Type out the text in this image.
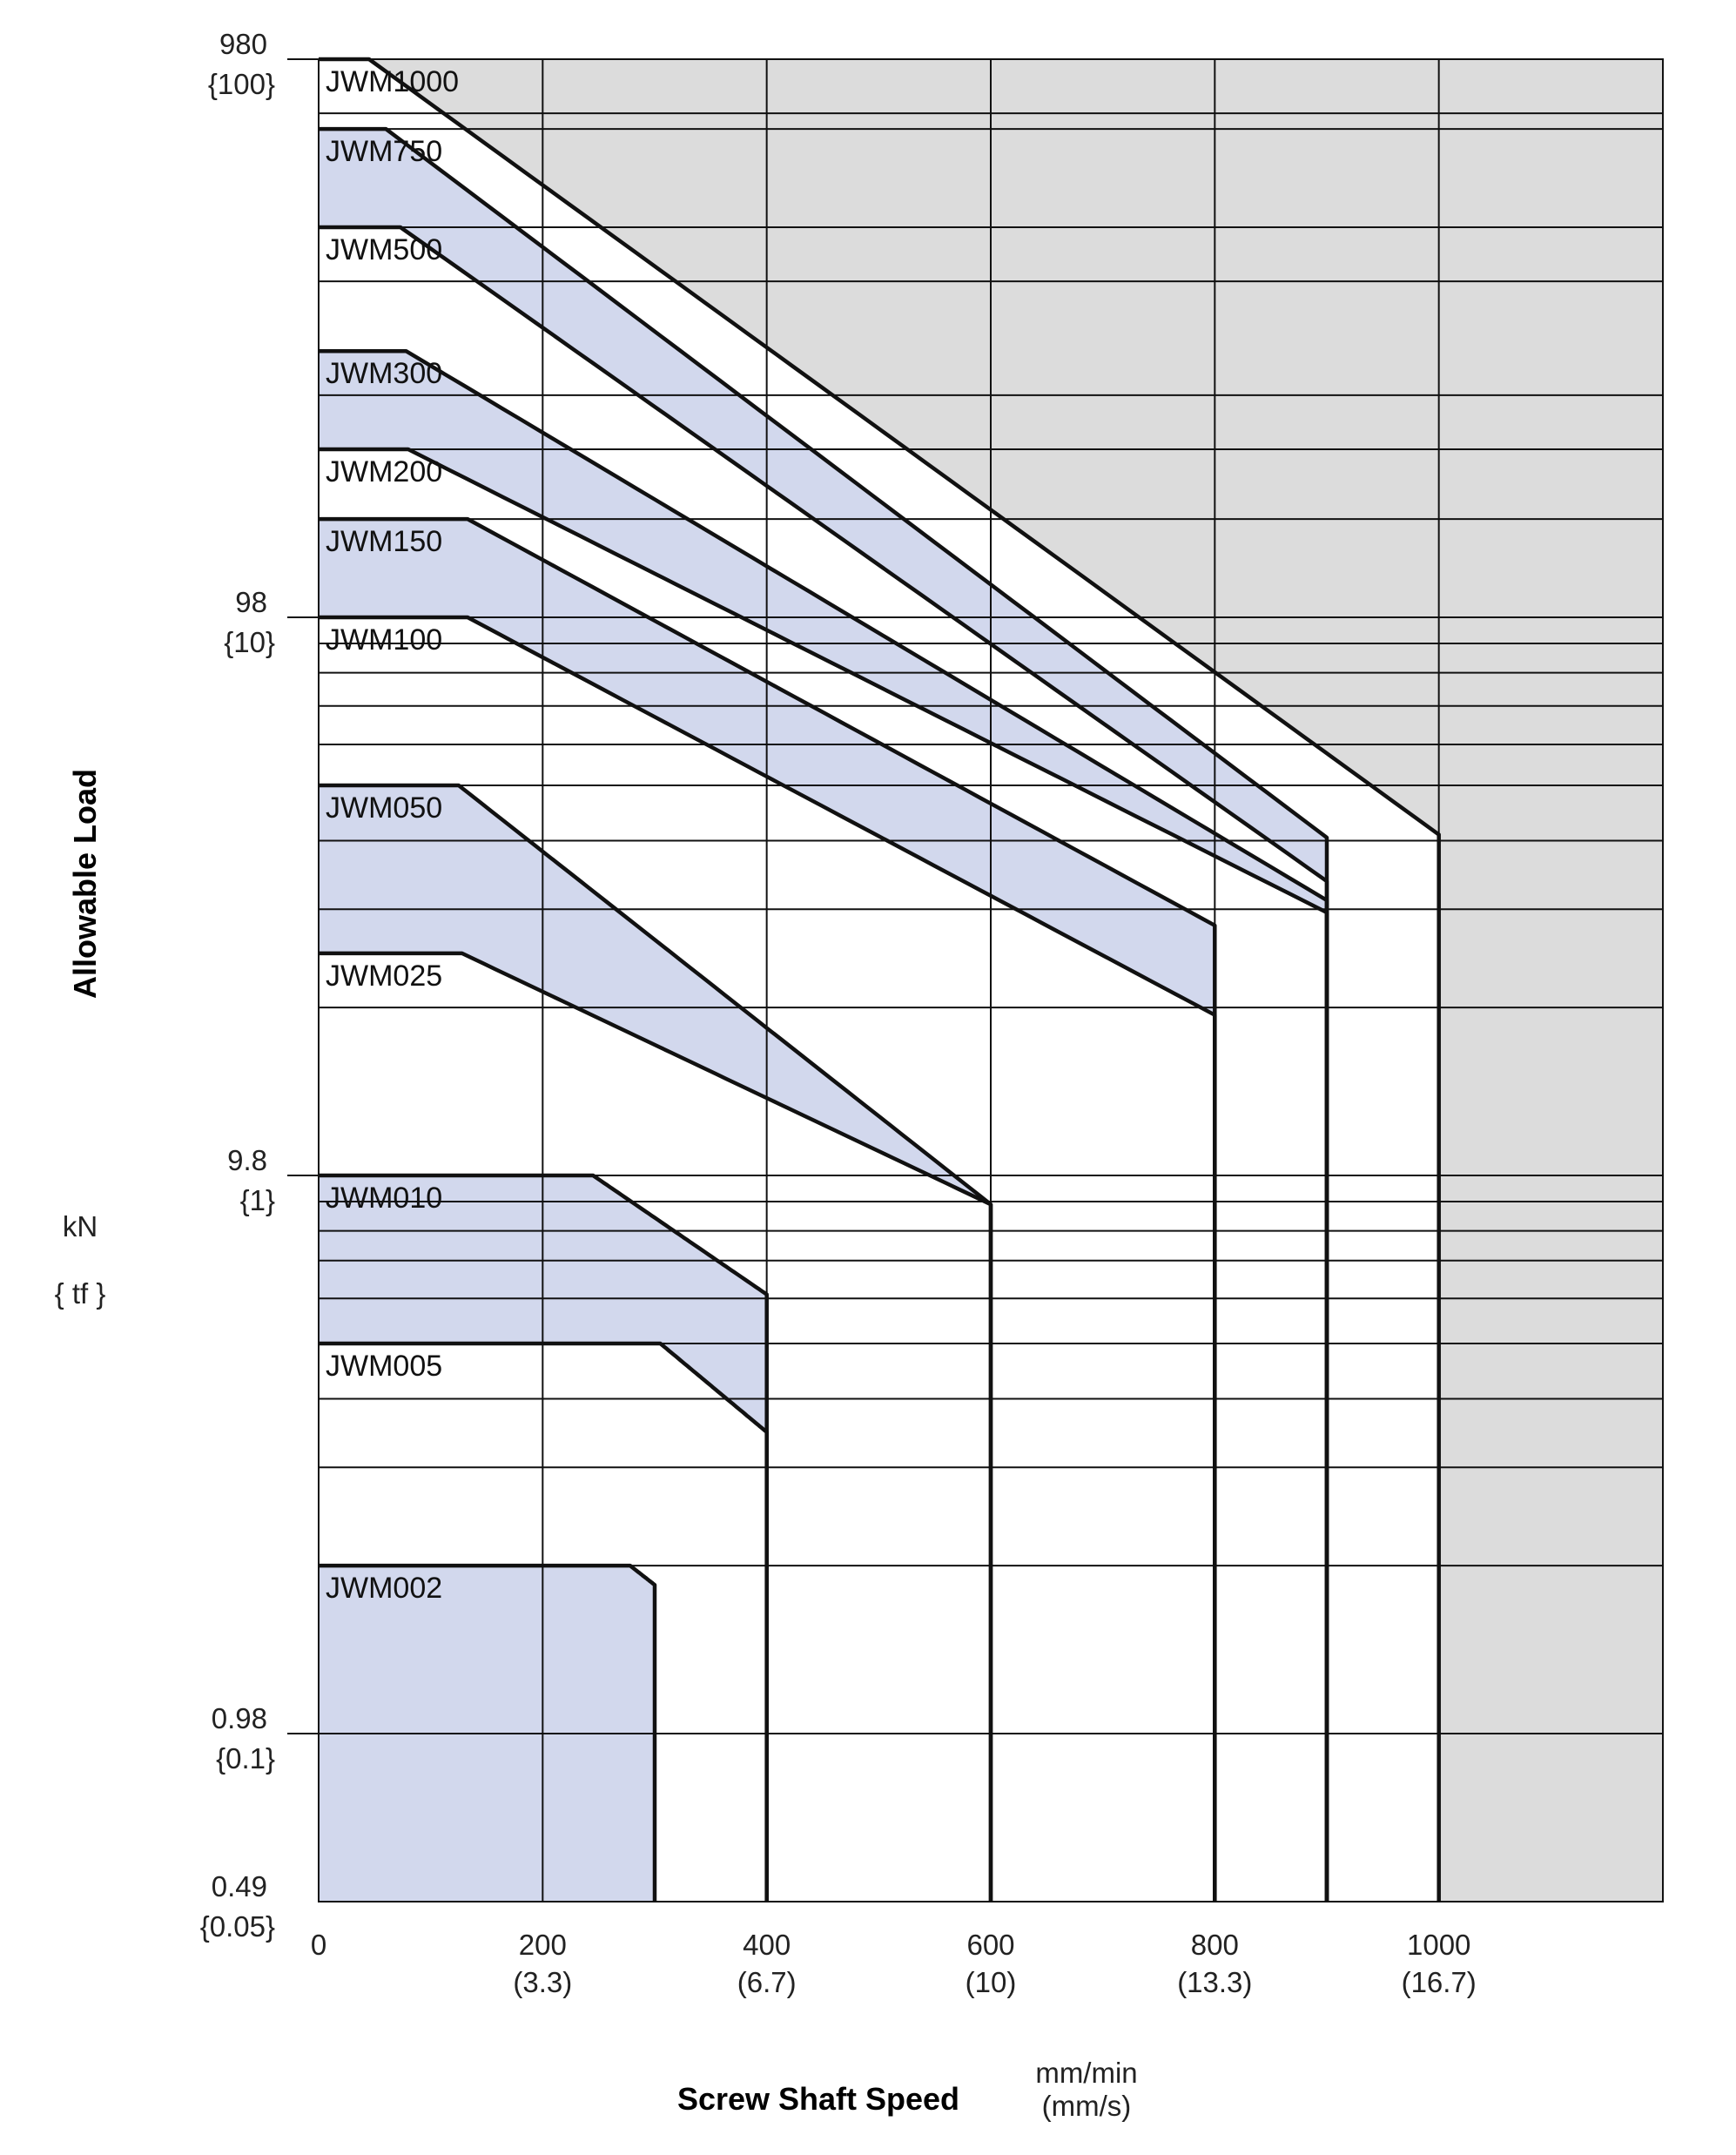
JWM002
JWM005
JWM010
JWM025
JWM050
JWM100
JWM150
JWM200
JWM300
JWM500
JWM750
JWM1000
980
{100}
98
{10}
9.8
{1}
0.98
{0.1}
0.49
{0.05}
0	200
(3.3)
400
(6.7)
600
(10)
800
(13.3)
1000
(16.7)
Allowable Load
kN
{ tf }
Screw Shaft Speed
mm/min
(mm/s)
